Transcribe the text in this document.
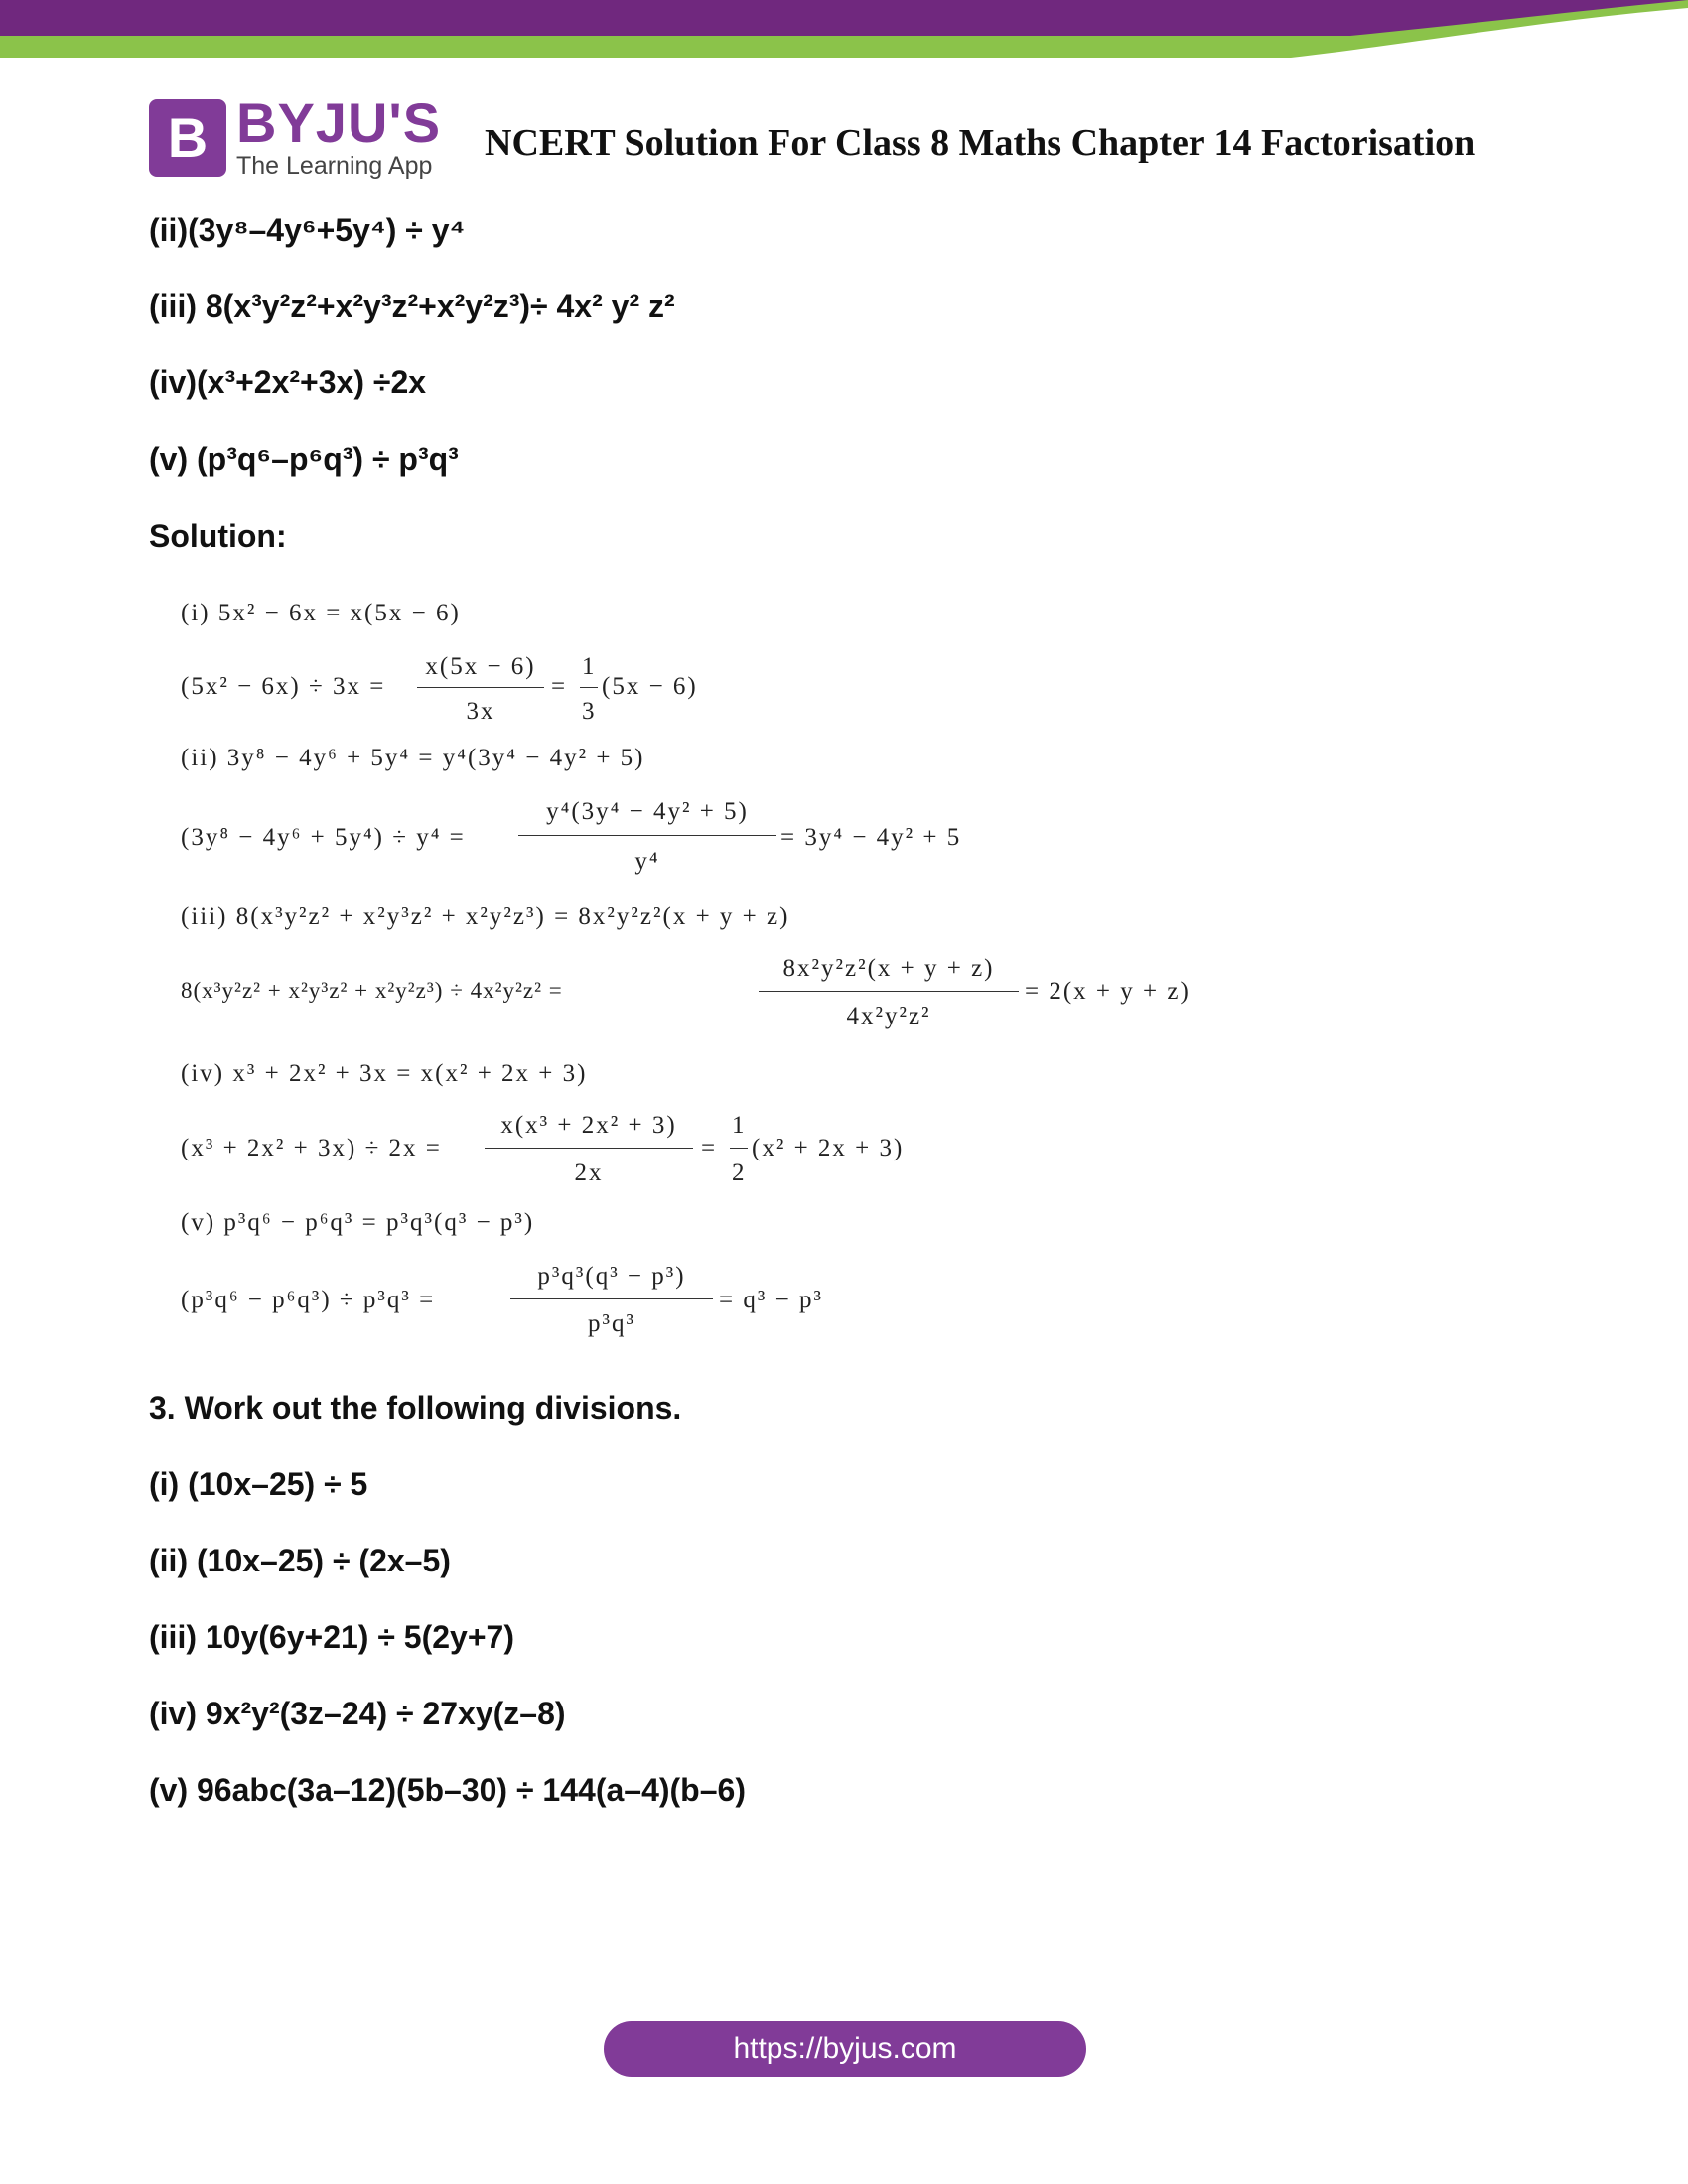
B BYJU'S
The Learning App
NCERT Solution For Class 8 Maths Chapter 14 Factorisation
(ii)(3y⁸–4y⁶+5y⁴) ÷ y⁴
(iii) 8(x³y²z²+x²y³z²+x²y²z³)÷ 4x² y² z²
(iv)(x³+2x²+3x) ÷2x
(v) (p³q⁶–p⁶q³) ÷ p³q³
Solution:
(i) 5x² − 6x = x(5x − 6)
(5x² − 6x) ÷ 3x =
x(5x − 6)
3x
=
1
3
(5x − 6)
(ii) 3y⁸ − 4y⁶ + 5y⁴ = y⁴(3y⁴ − 4y² + 5)
(3y⁸ − 4y⁶ + 5y⁴) ÷ y⁴ =
y⁴(3y⁴ − 4y² + 5)
y⁴
= 3y⁴ − 4y² + 5
(iii) 8(x³y²z² + x²y³z² + x²y²z³) = 8x²y²z²(x + y + z)
8(x³y²z² + x²y³z² + x²y²z³) ÷ 4x²y²z² =
8x²y²z²(x + y + z)
4x²y²z²
= 2(x + y + z)
(iv) x³ + 2x² + 3x = x(x² + 2x + 3)
(x³ + 2x² + 3x) ÷ 2x =
x(x³ + 2x² + 3)
2x
=
1
2
(x² + 2x + 3)
(v) p³q⁶ − p⁶q³ = p³q³(q³ − p³)
(p³q⁶ − p⁶q³) ÷ p³q³ =
p³q³(q³ − p³)
p³q³
= q³ − p³
3. Work out the following divisions.
(i) (10x–25) ÷ 5
(ii) (10x–25) ÷ (2x–5)
(iii) 10y(6y+21) ÷ 5(2y+7)
(iv) 9x²y²(3z–24) ÷ 27xy(z–8)
(v) 96abc(3a–12)(5b–30) ÷ 144(a–4)(b–6)
https://byjus.com
